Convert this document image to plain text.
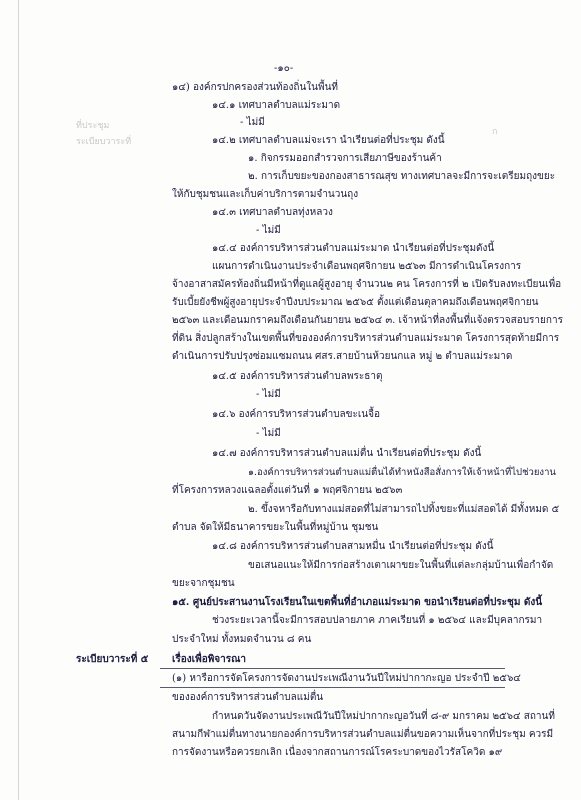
ที่ประชุม
ระเบียบวาระที่
ก
-๑๐-
๑๔) องค์กรปกครองส่วนท้องถิ่นในพื้นที่
๑๔.๑ เทศบาลตำบลแม่ระมาด
- ไม่มี
๑๔.๒ เทศบาลตำบลแม่จะเรา นำเรียนต่อที่ประชุม ดังนี้
๑. กิจกรรมออกสำรวจการเสียภาษีของร้านค้า
๒. การเก็บขยะของกองสาธารณสุข ทางเทศบาลจะมีการจะเตรียมถุงขยะ
ให้กับชุมชนและเก็บค่าบริการตามจำนวนถุง
๑๔.๓ เทศบาลตำบลทุ่งหลวง
- ไม่มี
๑๔.๔ องค์การบริหารส่วนตำบลแม่ระมาด นำเรียนต่อที่ประชุมดังนี้
แผนการดำเนินงานประจำเดือนพฤศจิกายน ๒๕๖๓ มีการดำเนินโครงการ
จ้างอาสาสมัครท้องถิ่นมีหน้าที่ดูแลผู้สูงอายุ จำนวน๒ คน โครงการที่ ๒ เปิดรับลงทะเบียนเพื่อ
รับเบี้ยยังชีพผู้สูงอายุประจำปีงบประมาณ ๒๕๖๕ ตั้งแต่เดือนตุลาคมถึงเดือนพฤศจิกายน
๒๕๖๓ และเดือนมกราคมถึงเดือนกันยายน ๒๕๖๔ ๓. เจ้าหน้าที่ลงพื้นที่แจ้งตรวจสอบรายการ
ที่ดิน สิ่งปลูกสร้างในเขตพื้นที่ขององค์การบริหารส่วนตำบลแม่ระมาด โครงการสุดท้ายมีการ
ดำเนินการปรับปรุงซ่อมแซมถนน ศสร.สายบ้านห้วยนกแล หมู่ ๒ ตำบลแม่ระมาด
๑๔.๕ องค์การบริหารส่วนตำบลพระธาตุ
- ไม่มี
๑๔.๖ องค์การบริหารส่วนตำบลขะเนจื้อ
- ไม่มี
๑๔.๗ องค์การบริหารส่วนตำบลแม่ตื่น นำเรียนต่อที่ประชุม ดังนี้
๑.องค์การบริหารส่วนตำบลแม่ตื่นได้ทำหนังสือสั่งการให้เจ้าหน้าที่ไปช่วยงาน
ที่โครงการหลวงแฉลอตั้งแต่วันที่ ๑ พฤศจิกายน ๒๕๖๓
๒. ขึ้งจหารือกับทางแม่สอดที่ไม่สามารถไปทิ้งขยะที่แม่สอดได้ มีทั้งหมด ๕
ตำบล จัดให้มีธนาคารขยะในพื้นที่หมู่บ้าน ชุมชน
๑๔.๘ องค์การบริหารส่วนตำบลสามหมื่น นำเรียนต่อที่ประชุม ดังนี้
ขอเสนอแนะให้มีการก่อสร้างเตาเผาขยะในพื้นที่แต่ละกลุ่มบ้านเพื่อกำจัด
ขยะจากชุมชน
๑๕. ศูนย์ประสานงานโรงเรียนในเขตพื้นที่อำเภอแม่ระมาด ขอนำเรียนต่อที่ประชุม ดังนี้
ช่วงระยะเวลานี้จะมีการสอบปลายภาค ภาคเรียนที่ ๑ ๒๕๖๔ และมีบุคลากรมา
ประจำใหม่ ทั้งหมดจำนวน ๘ คน
ระเบียบวาระที่ ๕ เรื่องเพื่อพิจารณา
(๑) หารือการจัดโครงการจัดงานประเพณีงานวันปีใหม่ปากากะญอ ประจำปี ๒๕๖๔
ขององค์การบริหารส่วนตำบลแม่ตื่น
กำหนดวันจัดงานประเพณีวันปีใหม่ปากากะญอวันที่ ๘-๙ มกราคม ๒๕๖๔ สถานที่
สนามกีฬาแม่ตื่นทางนายกองค์การบริหารส่วนตำบลแม่ตื่นขอความเห็นจากที่ประชุม ควรมี
การจัดงานหรือควรยกเลิก เนื่องจากสถานการณ์โรคระบาดของไวรัสโควิด ๑๙
